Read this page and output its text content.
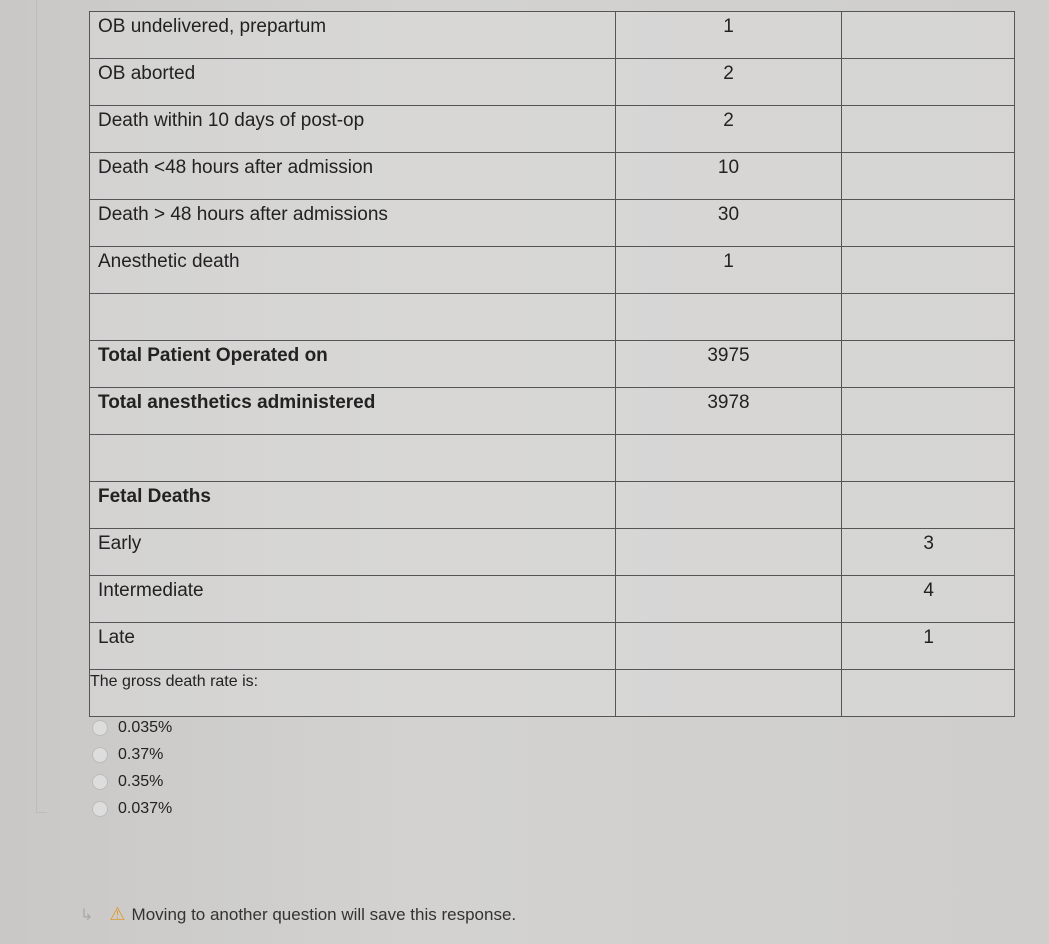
OB undelivered, prepartum	1	
OB aborted	2	
Death within 10 days of post-op	2	
Death <48 hours after admission	10	
Death > 48 hours after admissions	30	
Anesthetic death	1	

Total Patient Operated on	3975	
Total anesthetics administered	3978	

Fetal Deaths		
Early		3
Intermediate		4
Late		1

The gross death rate is:
0.035%
0.37%
0.35%
0.037%
↳ ⚠ Moving to another question will save this response.
